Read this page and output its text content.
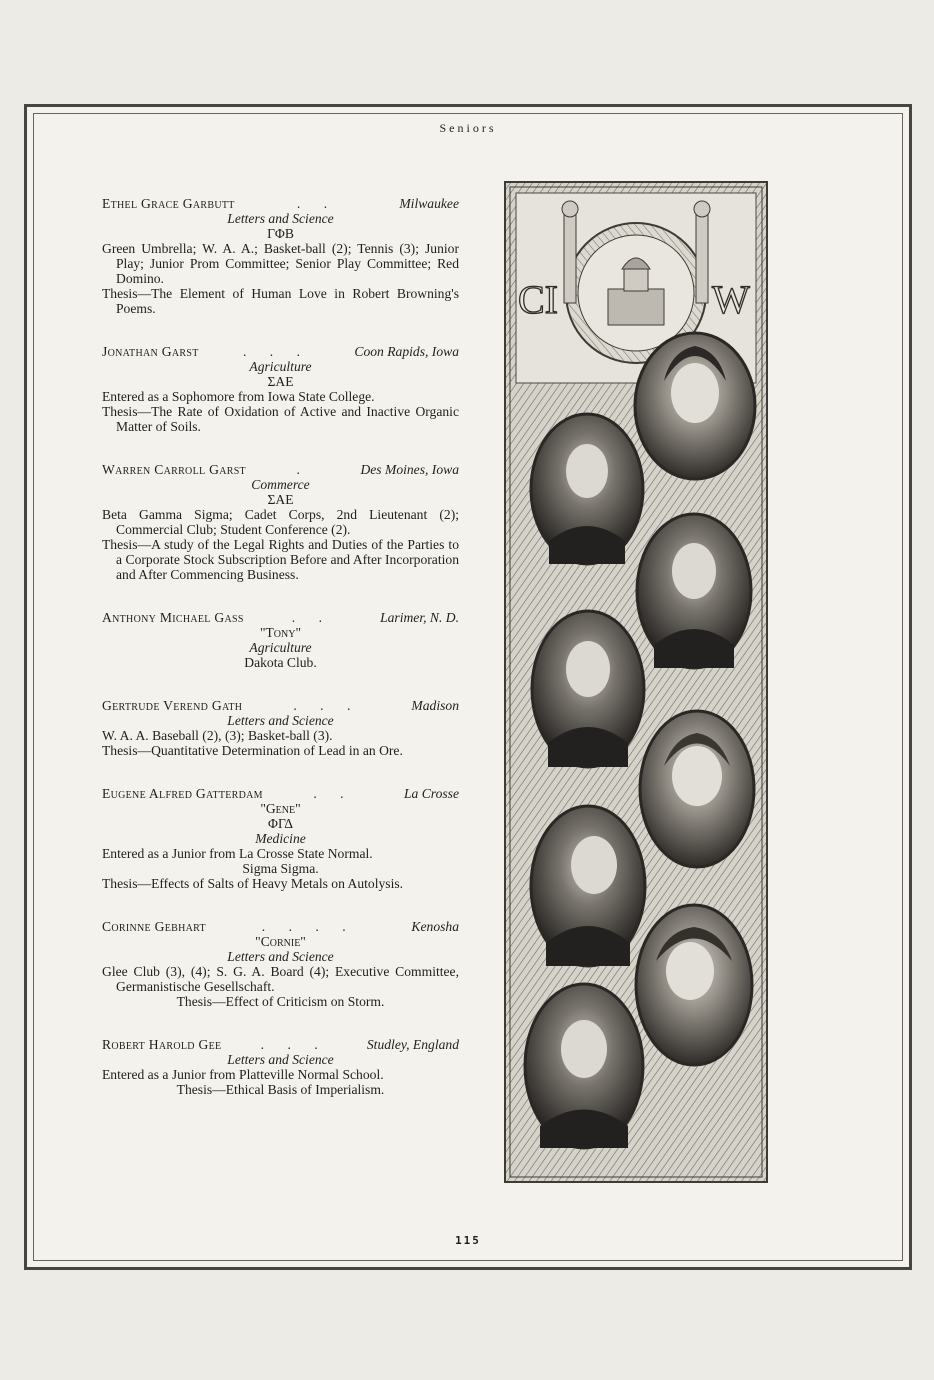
Seniors
115
Ethel Grace Garbutt	. .	Milwaukee
Letters and Science
ΓΦΒ
Green Umbrella; W. A. A.; Basket-ball (2); Tennis (3); Junior Play; Junior Prom Committee; Senior Play Committee; Red Domino.
Thesis—The Element of Human Love in Robert Browning's Poems.
Jonathan Garst	. . .	Coon Rapids, Iowa
Agriculture
ΣΑΕ
Entered as a Sophomore from Iowa State College.
Thesis—The Rate of Oxidation of Active and Inactive Organic Matter of Soils.
Warren Carroll Garst	.	Des Moines, Iowa
Commerce
ΣΑΕ
Beta Gamma Sigma; Cadet Corps, 2nd Lieutenant (2); Commercial Club; Student Conference (2).
Thesis—A study of the Legal Rights and Duties of the Parties to a Corporate Stock Subscription Before and After Incorporation and After Commencing Business.
Anthony Michael Gass	. .	Larimer, N. D.
"Tony"
Agriculture
Dakota Club.
Gertrude Verend Gath	. . .	Madison
Letters and Science
W. A. A. Baseball (2), (3); Basket-ball (3).
Thesis—Quantitative Determination of Lead in an Ore.
Eugene Alfred Gatterdam	. .	La Crosse
"Gene"
ΦΓΔ
Medicine
Entered as a Junior from La Crosse State Normal.
Sigma Sigma.
Thesis—Effects of Salts of Heavy Metals on Autolysis.
Corinne Gebhart	. . . .	Kenosha
"Cornie"
Letters and Science
Glee Club (3), (4); S. G. A. Board (4); Executive Committee, Germanistische Gesellschaft.
Thesis—Effect of Criticism on Storm.
Robert Harold Gee	. . .	Studley, England
Letters and Science
Entered as a Junior from Platteville Normal School.
Thesis—Ethical Basis of Imperialism.
CI	W
